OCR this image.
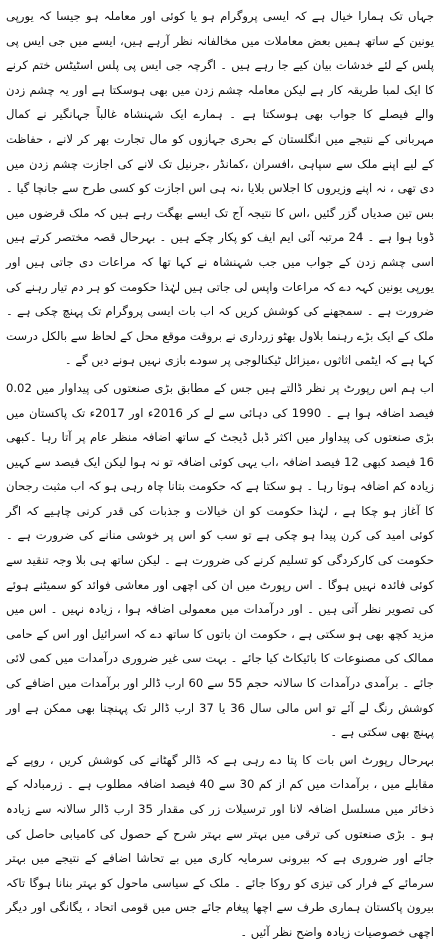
جہاں تک ہمارا خیال ہے کہ ایسی پروگرام ہو یا کوئی اور معاملہ ہو جیسا کہ یورپی یونین کے ساتھ ہمیں بعض معاملات میں مخالفانہ نظر آرہے ہیں، ایسے میں جی ایس پی پلس کے لئے خدشات بیان کیے جا رہے ہیں ۔ اگرچہ جی ایس پی پلس اسٹیٹس ختم کرنے کا ایک لمبا طریقہ کار ہے لیکن معاملہ چشم زدن میں بھی ہوسکتا ہے اور یہ چشم زدن والے فیصلے کا جواب بھی ہوسکتا ہے ۔ ہمارے ایک شہنشاہ غالباً جہانگیر نے کمال مہربانی کے نتیجے میں انگلستان کے بحری جہازوں کو مال تجارت بھر کر لانے ، حفاظت کے لیے اپنے ملک سے سپاہی ،افسران ،کمانڈر ،جرنیل تک لانے کی اجازت چشم زدن میں دی تھی ، نہ اپنے وزیروں کا اجلاس بلایا ،نہ ہی اس اجازت کو کسی طرح سے جانچا گیا ۔بس تین صدیاں گزر گئیں ،اس کا نتیجہ آج تک ایسے بھگت رہے ہیں کہ ملک قرضوں میں ڈوبا ہوا ہے ۔ 24 مرتبہ آئی ایم ایف کو پکار چکے ہیں ۔ بہرحال قصہ مختصر کرتے ہیں اسی چشم زدن کے جواب میں جب شہنشاہ نے کہا تھا کہ مراعات دی جاتی ہیں اور یورپی یونین کہہ دے کہ مراعات واپس لی جاتی ہیں لہٰذا حکومت کو ہر دم تیار رہنے کی ضرورت ہے ۔ سمجھنے کی کوشش کریں کہ اب بات ایسی پروگرام تک پہنچ چکی ہے ۔ ملک کے ایک بڑے رہنما بلاول بھٹو زرداری نے بروقت موقع محل کے لحاظ سے بالکل درست کہا ہے کہ ایٹمی اثاثوں ،میزائل ٹیکنالوجی پر سودے بازی نہیں ہونے دیں گے ۔

اب ہم اس رپورٹ پر نظر ڈالتے ہیں جس کے مطابق بڑی صنعتوں کی پیداوار میں 0.02 فیصد اضافہ ہوا ہے ۔ 1990 کی دہائی سے لے کر 2016ء اور 2017ء تک پاکستان میں بڑی صنعتوں کی پیداوار میں اکثر ڈبل ڈیجٹ کے ساتھ اضافہ منظر عام پر آتا رہا ۔کبھی 16 فیصد کبھی 12 فیصد اضافہ ،اب یہی کوئی اضافہ تو نہ ہوا لیکن ایک فیصد سے کہیں زیادہ کم اضافہ ہوتا رہا ۔ ہو سکتا ہے کہ حکومت بتانا چاہ رہی ہو کہ اب مثبت رجحان کا آغاز ہو چکا ہے ، لہٰذا حکومت کو ان خیالات و جذبات کی قدر کرنی چاہیے کہ اگر کوئی امید کی کرن پیدا ہو چکی ہے تو سب کو اس پر خوشی منانے کی ضرورت ہے ۔ حکومت کی کارکردگی کو تسلیم کرنے کی ضرورت ہے ۔ لیکن ساتھ ہی بلا وجہ تنقید سے کوئی فائدہ نہیں ہوگا ۔ اس رپورٹ میں ان کی اچھی اور معاشی فوائد کو سمیٹنے ہوئے کی تصویر نظر آتی ہیں ۔ اور درآمدات میں معمولی اضافہ ہوا ، زیادہ نہیں ۔ اس میں مزید کچھ بھی ہو سکتی ہے ، حکومت ان باتوں کا ساتھ دے کہ اسرائیل اور اس کے حامی ممالک کی مصنوعات کا بائیکاٹ کیا جائے ۔ بہت سی غیر ضروری درآمدات میں کمی لائی جائے ۔ برآمدی درآمدات کا سالانہ حجم 55 سے 60 ارب ڈالر اور برآمدات میں اضافے کی کوشش رنگ لے آئے تو اس مالی سال 36 یا 37 ارب ڈالر تک پہنچنا بھی ممکن ہے اور پہنچ بھی سکتی ہے ۔

بہرحال رپورٹ اس بات کا پتا دے رہی ہے کہ ڈالر گھٹانے کی کوشش کریں ، روپے کے مقابلے میں ، برآمدات میں کم از کم 30 سے 40 فیصد اضافہ مطلوب ہے ۔ زرمبادلہ کے ذخائر میں مسلسل اضافہ لانا اور ترسیلات زر کی مقدار 35 ارب ڈالر سالانہ سے زیادہ ہو ۔ بڑی صنعتوں کی ترقی میں بہتر سے بہتر شرح کے حصول کی کامیابی حاصل کی جائے اور ضروری ہے کہ بیرونی سرمایہ کاری میں بے تحاشا اضافے کے نتیجے میں بہتر سرمائے کے فرار کی تیزی کو روکا جائے ۔ ملک کے سیاسی ماحول کو بہتر بنانا ہوگا تاکہ بیرون پاکستان ہماری طرف سے اچھا پیغام جائے جس میں قومی اتحاد ، یگانگی اور دیگر اچھی خصوصیات زیادہ واضح نظر آئیں ۔
